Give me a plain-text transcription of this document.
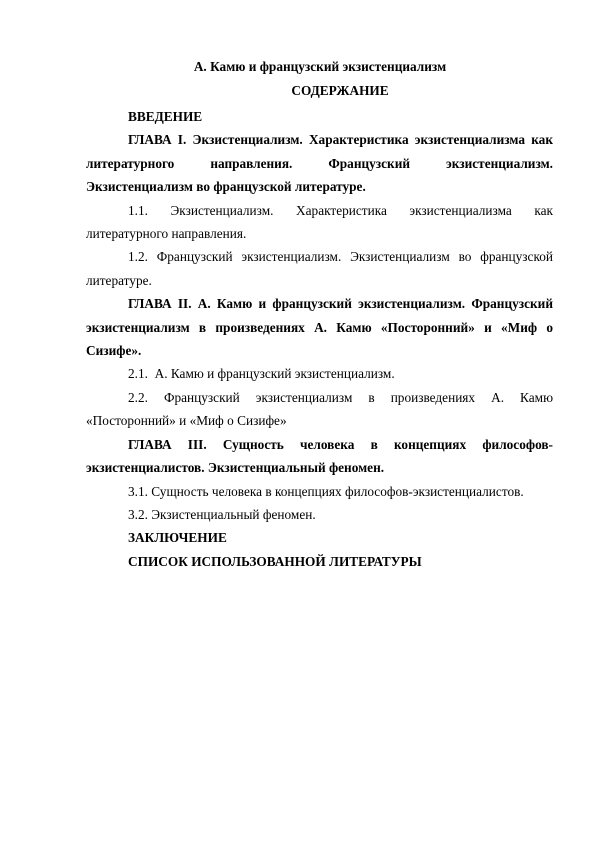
А. Камю и французский экзистенциализм
СОДЕРЖАНИЕ

ВВЕДЕНИЕ

ГЛАВА I. Экзистенциализм. Характеристика экзистенциализма как литературного направления. Французский экзистенциализм. Экзистенциализм во французской литературе.

1.1. Экзистенциализм. Характеристика экзистенциализма как литературного направления.

1.2. Французский экзистенциализм. Экзистенциализм во французской литературе.

ГЛАВА II. А. Камю и французский экзистенциализм. Французский экзистенциализм в произведениях А. Камю «Посторонний» и «Миф о Сизифе».

2.1.  А. Камю и французский экзистенциализм.

2.2. Французский экзистенциализм в произведениях А. Камю «Посторонний» и «Миф о Сизифе»

ГЛАВА III. Сущность человека в концепциях философов-экзистенциалистов. Экзистенциальный феномен.

3.1. Сущность человека в концепциях философов-экзистенциалистов.

3.2. Экзистенциальный феномен.

ЗАКЛЮЧЕНИЕ

СПИСОК ИСПОЛЬЗОВАННОЙ ЛИТЕРАТУРЫ
